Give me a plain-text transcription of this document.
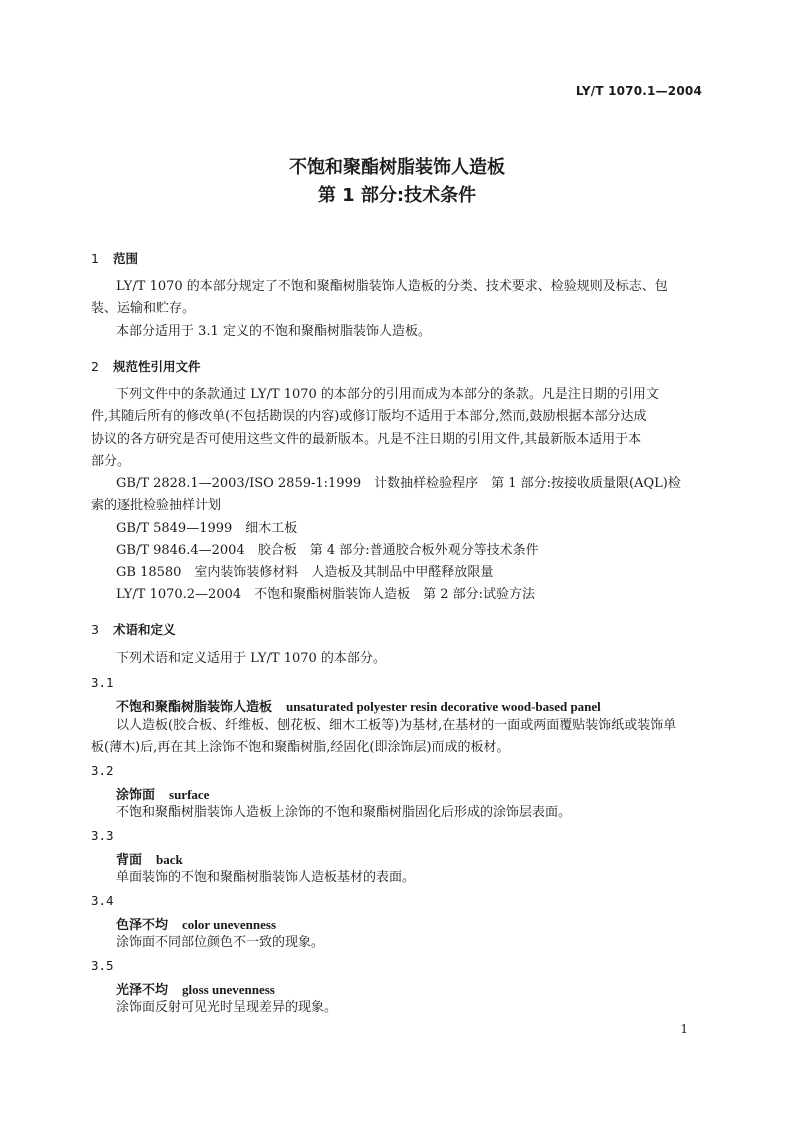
LY/T 1070.1—2004
不饱和聚酯树脂装饰人造板
第 1 部分:技术条件
1 范围
LY/T 1070 的本部分规定了不饱和聚酯树脂装饰人造板的分类、技术要求、检验规则及标志、包
装、运输和贮存。
本部分适用于 3.1 定义的不饱和聚酯树脂装饰人造板。
2 规范性引用文件
下列文件中的条款通过 LY/T 1070 的本部分的引用而成为本部分的条款。凡是注日期的引用文
件,其随后所有的修改单(不包括勘误的内容)或修订版均不适用于本部分,然而,鼓励根据本部分达成
协议的各方研究是否可使用这些文件的最新版本。凡是不注日期的引用文件,其最新版本适用于本
部分。
GB/T 2828.1—2003/ISO 2859-1:1999　计数抽样检验程序　第 1 部分:按接收质量限(AQL)检
索的逐批检验抽样计划
GB/T 5849—1999　细木工板
GB/T 9846.4—2004　胶合板　第 4 部分:普通胶合板外观分等技术条件
GB 18580　室内装饰装修材料　人造板及其制品中甲醛释放限量
LY/T 1070.2—2004　不饱和聚酯树脂装饰人造板　第 2 部分:试验方法
3 术语和定义
下列术语和定义适用于 LY/T 1070 的本部分。
3.1
不饱和聚酯树脂装饰人造板 unsaturated polyester resin decorative wood-based panel
以人造板(胶合板、纤维板、刨花板、细木工板等)为基材,在基材的一面或两面覆贴装饰纸或装饰单
板(薄木)后,再在其上涂饰不饱和聚酯树脂,经固化(即涂饰层)而成的板材。
3.2
涂饰面 surface
不饱和聚酯树脂装饰人造板上涂饰的不饱和聚酯树脂固化后形成的涂饰层表面。
3.3
背面 back
单面装饰的不饱和聚酯树脂装饰人造板基材的表面。
3.4
色泽不均 color unevenness
涂饰面不同部位颜色不一致的现象。
3.5
光泽不均 gloss unevenness
涂饰面反射可见光时呈现差异的现象。
1
